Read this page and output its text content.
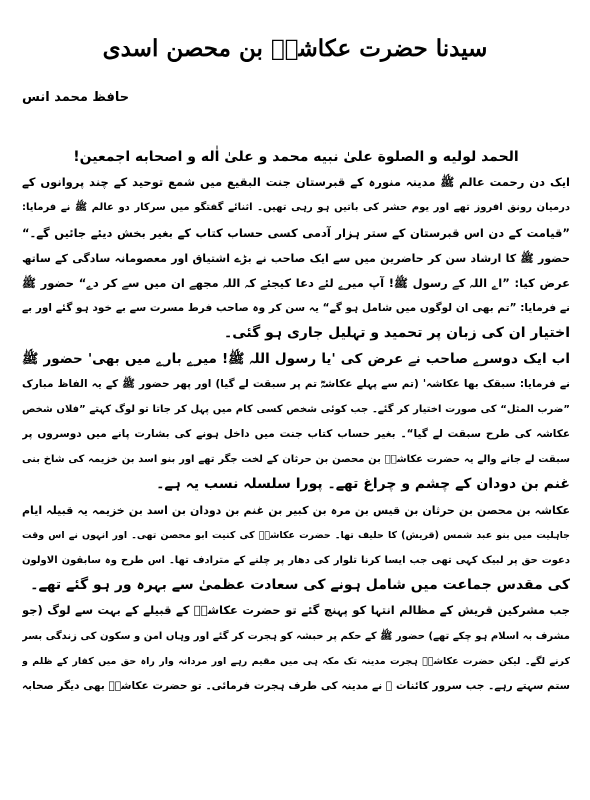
سیدنا حضرت عکاشہؓ بن محصن اسدی
حافظ محمد انس
الحمد لوليه و الصلوة علىٰ نبيه محمد و علىٰ اٰله و اصحابه اجمعين!
ایک دن رحمت عالم ﷺ مدینہ منورہ کے قبرستان جنت البقیع میں شمع توحید کے چند پروانوں کے
درمیان رونق افروز تھے اور یوم حشر کی باتیں ہو رہی تھیں۔ اثنائے گفتگو میں سرکار دو عالم ﷺ نے فرمایا:
”قیامت کے دن اس قبرستان کے ستر ہزار آدمی کسی حساب کتاب کے بغیر بخش دیئے جائیں گے۔“
حضور ﷺ کا ارشاد سن کر حاضرین میں سے ایک صاحب نے بڑے اشتیاق اور معصومانہ سادگی کے ساتھ
عرض کیا: ”اے اللہ کے رسول ﷺ! آپ میرے لئے دعا کیجئے کہ اللہ مجھے ان میں سے کر دے“ حضور ﷺ
نے فرمایا: ”تم بھی ان لوگوں میں شامل ہو گے“ یہ سن کر وہ صاحب فرط مسرت سے بے خود ہو گئے اور بے
اختیار ان کی زبان پر تحمید و تہلیل جاری ہو گئی۔
اب ایک دوسرے صاحب نے عرض کی 'یا رسول اللہ ﷺ! میرے بارے میں بھی' حضور ﷺ
نے فرمایا: سبقک بھا عکاشہ' (تم سے پہلے عکاشہؓ تم پر سبقت لے گیا) اور پھر حضور ﷺ کے یہ الفاظ مبارک
”ضرب المثل“ کی صورت اختیار کر گئے۔ جب کوئی شخص کسی کام میں پہل کر جاتا تو لوگ کہتے ”فلاں شخص
عکاشہ کی طرح سبقت لے گیا“۔ بغیر حساب کتاب جنت میں داخل ہونے کی بشارت پانے میں دوسروں پر
سبقت لے جانے والے یہ حضرت عکاشہؓ بن محصن بن حرثان کے لخت جگر تھے اور بنو اسد بن خزیمہ کی شاخ بنی
غنم بن دودان کے چشم و چراغ تھے۔ پورا سلسلہ نسب یہ ہے۔
عکاشہ بن محصن بن حرثان بن قیس بن مرہ بن کبیر بن غنم بن دودان بن اسد بن خزیمہ یہ قبیلہ ایام
جاہلیت میں بنو عبد شمس (قریش) کا حلیف تھا۔ حضرت عکاشہؓ کی کنیت ابو محصن تھی۔ اور انہوں نے اس وقت
دعوت حق پر لبیک کہی تھی جب ایسا کرنا تلوار کی دھار پر چلنے کے مترادف تھا۔ اس طرح وہ سابقون الاولون
کی مقدس جماعت میں شامل ہونے کی سعادت عظمیٰ سے بہرہ ور ہو گئے تھے۔
جب مشرکین قریش کے مظالم انتہا کو پہنچ گئے تو حضرت عکاشہؓ کے قبیلے کے بہت سے لوگ (جو
مشرف بہ اسلام ہو چکے تھے) حضور ﷺ کے حکم پر حبشہ کو ہجرت کر گئے اور وہاں امن و سکون کی زندگی بسر
کرنے لگے۔ لیکن حضرت عکاشہؓ ہجرت مدینہ تک مکہ ہی میں مقیم رہے اور مردانہ وار راہ حق میں کفار کے ظلم و
ستم سہتے رہے۔ جب سرور کائنات ﷺ نے مدینہ کی طرف ہجرت فرمائی۔ تو حضرت عکاشہؓ بھی دیگر صحابہ
